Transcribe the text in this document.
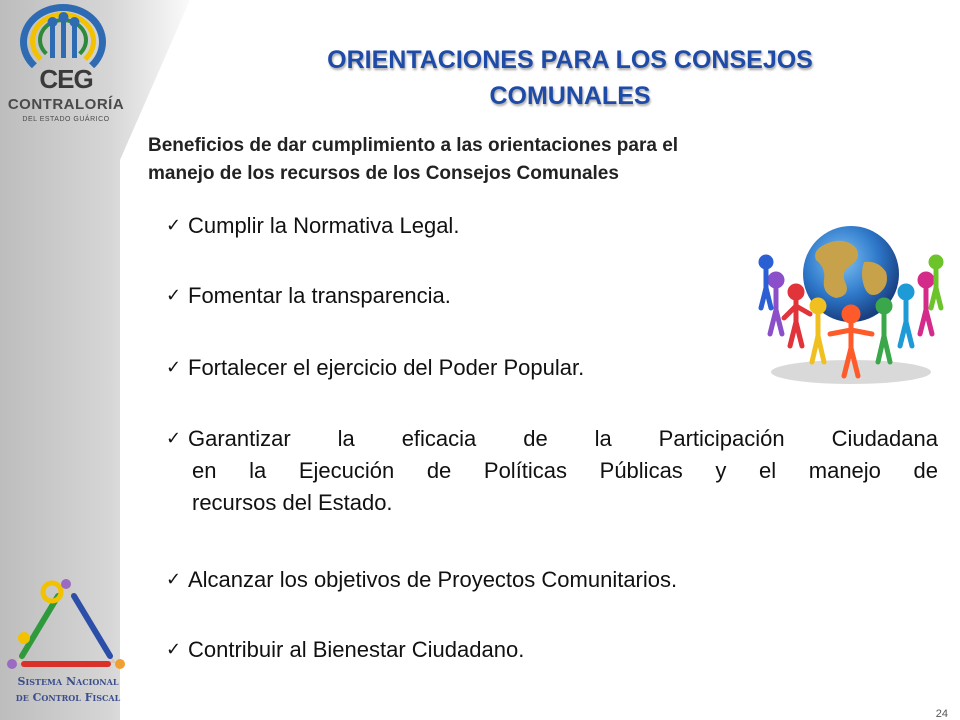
CEG
CONTRALORÍA
DEL ESTADO GUÁRICO
ORIENTACIONES PARA LOS CONSEJOS
COMUNALES
Beneficios de dar cumplimiento a las orientaciones para el
manejo de los recursos de los Consejos Comunales
✓ Cumplir la Normativa Legal.
✓ Fomentar la transparencia.
✓ Fortalecer el ejercicio del Poder Popular.
✓ Garantizar la eficacia de la Participación Ciudadana
en la Ejecución de Políticas Públicas y el manejo de
recursos del Estado.
✓ Alcanzar los objetivos de Proyectos Comunitarios.
✓ Contribuir al Bienestar Ciudadano.
Sistema Nacional
de Control Fiscal
24
